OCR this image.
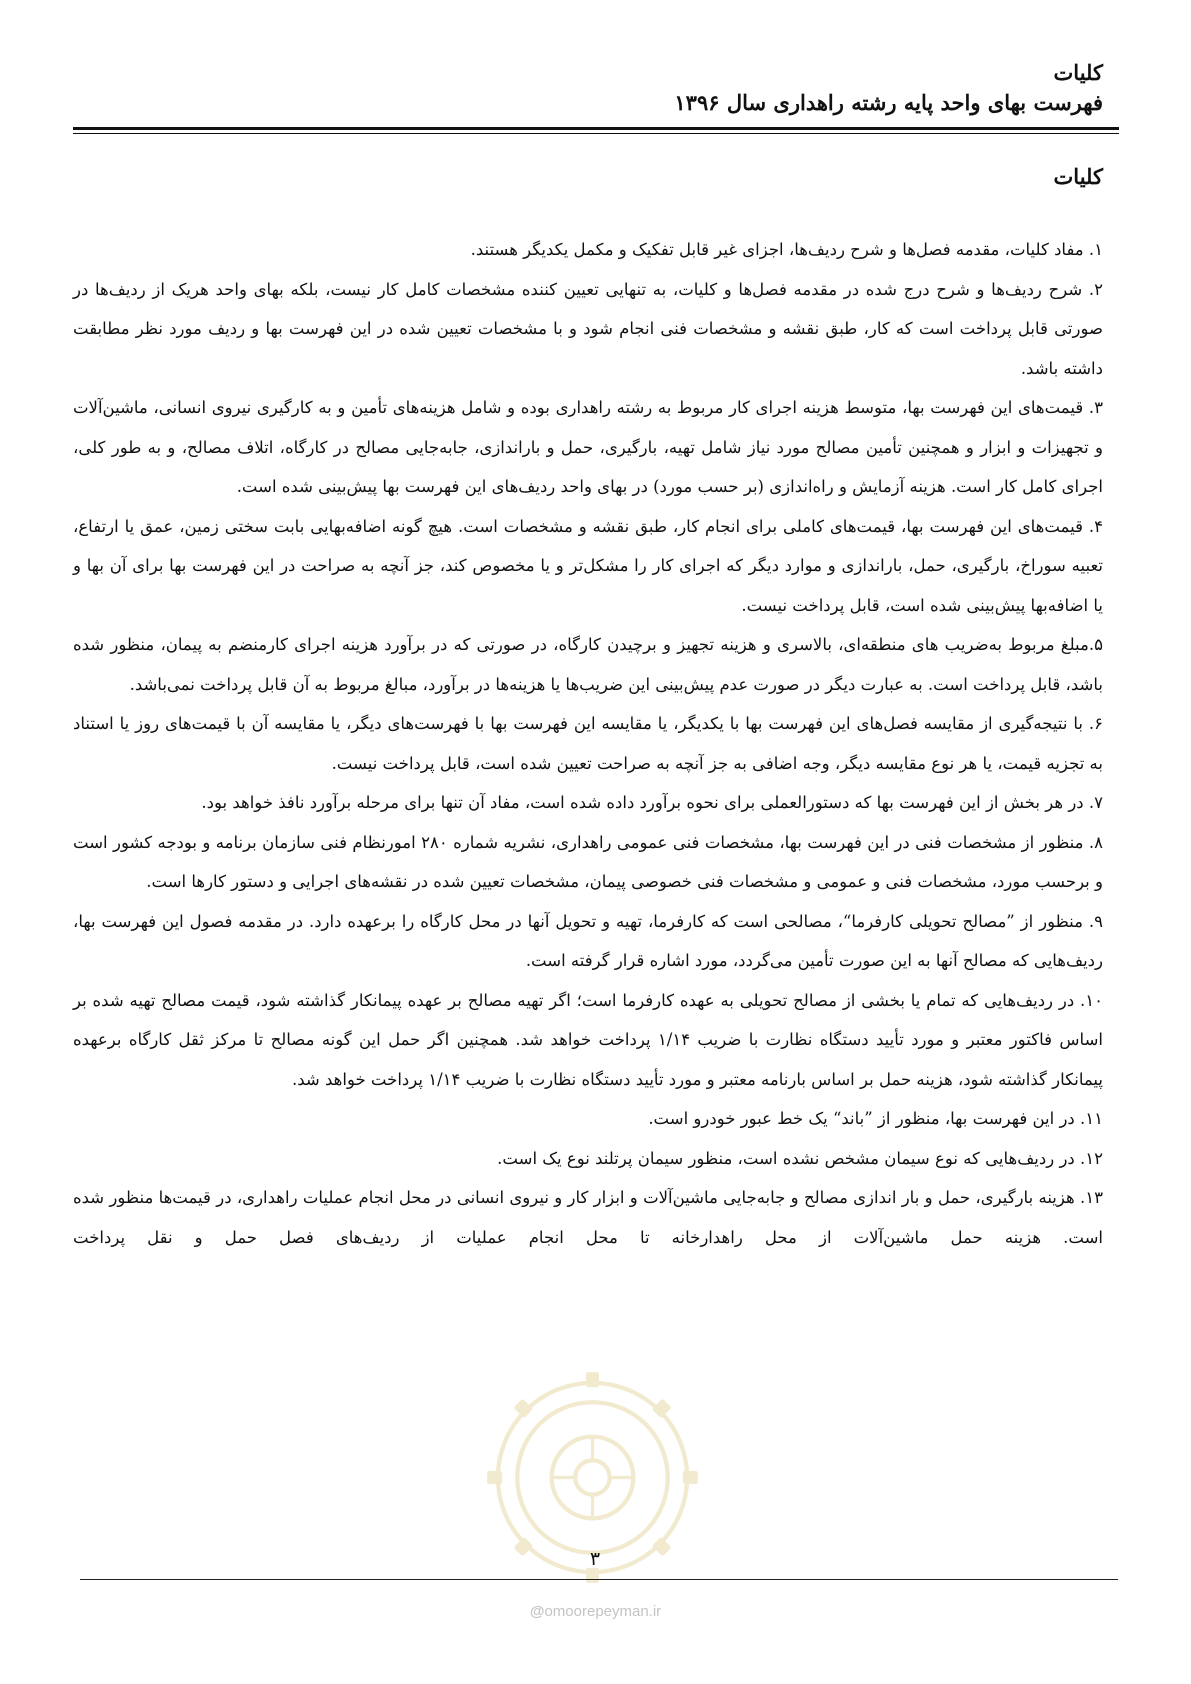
کلیات

فهرست بهای واحد پایه رشته راهداری سال ۱۳۹۶

کلیات

۱. مفاد کلیات، مقدمه فصل‌ها و شرح ردیف‌ها، اجزای غیر قابل تفکیک و مکمل یکدیگر هستند.

۲. شرح ردیف‌ها و شرح درج شده در مقدمه فصل‌ها و کلیات، به تنهایی تعیین کننده مشخصات کامل کار نیست، بلکه بهای واحد هریک از ردیف‌ها در صورتی قابل پرداخت است که کار، طبق نقشه و مشخصات فنی انجام شود و با مشخصات تعیین شده در این فهرست بها و ردیف مورد نظر مطابقت داشته باشد.

۳. قیمت‌های این فهرست بها، متوسط هزینه اجرای کار مربوط به رشته راهداری بوده و شامل هزینه‌های تأمین و به کارگیری نیروی انسانی، ماشین‌آلات و تجهیزات و ابزار و همچنین تأمین مصالح مورد نیاز شامل تهیه، بارگیری، حمل و باراندازی، جابه‌جایی مصالح در کارگاه، اتلاف مصالح، و به طور کلی، اجرای کامل کار است. هزینه آزمایش و راه‌اندازی (بر حسب مورد) در بهای واحد ردیف‌های این فهرست بها پیش‌بینی شده است.

۴. قیمت‌های این فهرست بها، قیمت‌های کاملی برای انجام کار، طبق نقشه و مشخصات است. هیچ گونه اضافه‌بهایی بابت سختی زمین، عمق یا ارتفاع، تعبیه سوراخ، بارگیری، حمل، باراندازی و موارد دیگر که اجرای کار را مشکل‌تر و یا مخصوص کند، جز آنچه به صراحت در این فهرست بها برای آن بها و یا اضافه‌بها پیش‌بینی شده است، قابل پرداخت نیست.

۵.مبلغ مربوط به‌ضریب های منطقه‌ای، بالاسری و هزینه تجهیز و برچیدن کارگاه، در صورتی که در برآورد هزینه اجرای کارمنضم به پیمان، منظور شده باشد، قابل پرداخت است. به عبارت دیگر در صورت عدم پیش‌بینی این ضریب‌ها یا هزینه‌ها در برآورد، مبالغ مربوط به آن قابل پرداخت نمی‌باشد.

۶. با نتیجه‌گیری از مقایسه فصل‌های این فهرست بها با یکدیگر، یا مقایسه این فهرست بها با فهرست‌های دیگر، یا مقایسه آن با قیمت‌های روز یا استناد به تجزیه قیمت، یا هر نوع مقایسه دیگر، وجه اضافی به جز آنچه به صراحت تعیین شده است، قابل پرداخت نیست.

۷. در هر بخش از این فهرست بها که دستورالعملی برای نحوه برآورد داده شده است، مفاد آن تنها برای مرحله برآورد نافذ خواهد بود.

۸. منظور از مشخصات فنی در این فهرست بها، مشخصات فنی عمومی راهداری، نشریه شماره ۲۸۰ امورنظام فنی سازمان برنامه و بودجه کشور است و برحسب مورد، مشخصات فنی و عمومی و مشخصات فنی خصوصی پیمان، مشخصات تعیین شده در نقشه‌های اجرایی و دستور کارها است.

۹. منظور از ”مصالح تحویلی کارفرما“، مصالحی است که کارفرما، تهیه و تحویل آنها در محل کارگاه را برعهده دارد. در مقدمه فصول این فهرست بها، ردیف‌هایی که مصالح آنها به این صورت تأمین می‌گردد، مورد اشاره قرار گرفته است.

۱۰. در ردیف‌هایی که تمام یا بخشی از مصالح تحویلی به عهده کارفرما است؛ اگر تهیه مصالح بر عهده پیمانکار گذاشته شود، قیمت مصالح تهیه شده بر اساس فاکتور معتبر و مورد تأیید دستگاه نظارت با ضریب ۱/۱۴ پرداخت خواهد شد. همچنین اگر حمل این گونه مصالح تا مرکز ثقل کارگاه برعهده پیمانکار گذاشته شود، هزینه حمل بر اساس بارنامه معتبر و مورد تأیید دستگاه نظارت با ضریب ۱/۱۴ پرداخت خواهد شد.

۱۱. در این فهرست بها، منظور از ”باند“ یک خط عبور خودرو است.

۱۲. در ردیف‌هایی که نوع سیمان مشخص نشده است، منظور سیمان پرتلند نوع یک است.

۱۳. هزینه بارگیری، حمل و بار اندازی مصالح و جابه‌جایی ماشین‌آلات و ابزار کار و نیروی انسانی در محل انجام عملیات راهداری، در قیمت‌ها منظور شده است. هزینه حمل ماشین‌آلات از محل راهدارخانه تا محل انجام عملیات از ردیف‌های فصل حمل و نقل پرداخت

۳

@omoorepeyman.ir
